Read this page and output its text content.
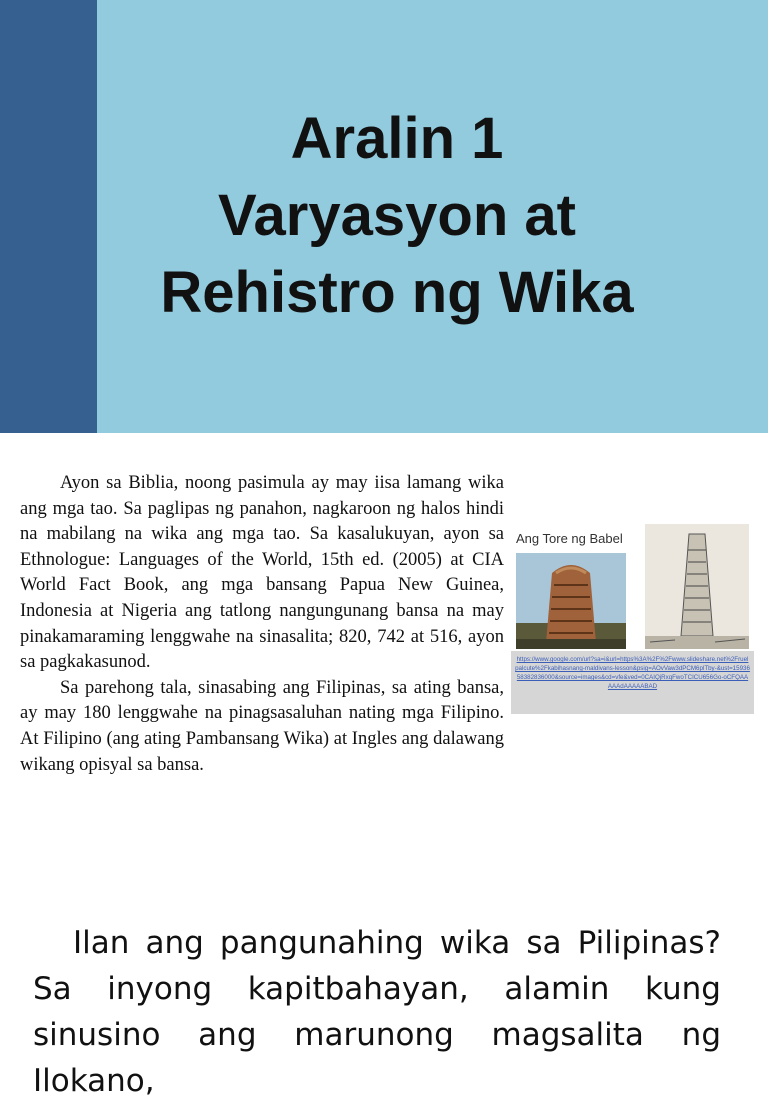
Aralin 1
Varyasyon at
Rehistro ng Wika

Ayon sa Biblia, noong pasimula ay may iisa lamang wika ang mga tao. Sa paglipas ng panahon, nagkaroon ng halos hindi na mabilang na wika ang mga tao. Sa kasalukuyan, ayon sa Ethnologue: Languages of the World, 15th ed. (2005) at CIA World Fact Book, ang mga bansang Papua New Guinea, Indonesia at Nigeria ang tatlong nangungunang bansa na may pinakamaraming lenggwahe na sinasalita; 820, 742 at 516, ayon sa pagkakasunod.

Sa parehong tala, sinasabing ang Filipinas, sa ating bansa, ay may 180 lenggwahe na pinagsasaluhan nating mga Filipino. At Filipino (ang ating Pambansang Wika) at Ingles ang dalawang wikang opisyal sa bansa.

Ang Tore ng Babel
https://www.google.com/url?sa=i&url=https%3A%2F%2Fwww.slideshare.net%2Fruelpalcute%2Fkabihasnang-maldivans-lesson&psig=AOvVaw3dPCM6plTby-&ust=1593658382836000&source=images&cd=vfe&ved=0CAIQjRxqFwoTCICU656Go-oCFQAAAAAdAAAAABAD

Ilan ang pangunahing wika sa Pilipinas? Sa inyong kapitbahayan, alamin kung sinusino ang marunong magsalita ng Ilokano,
